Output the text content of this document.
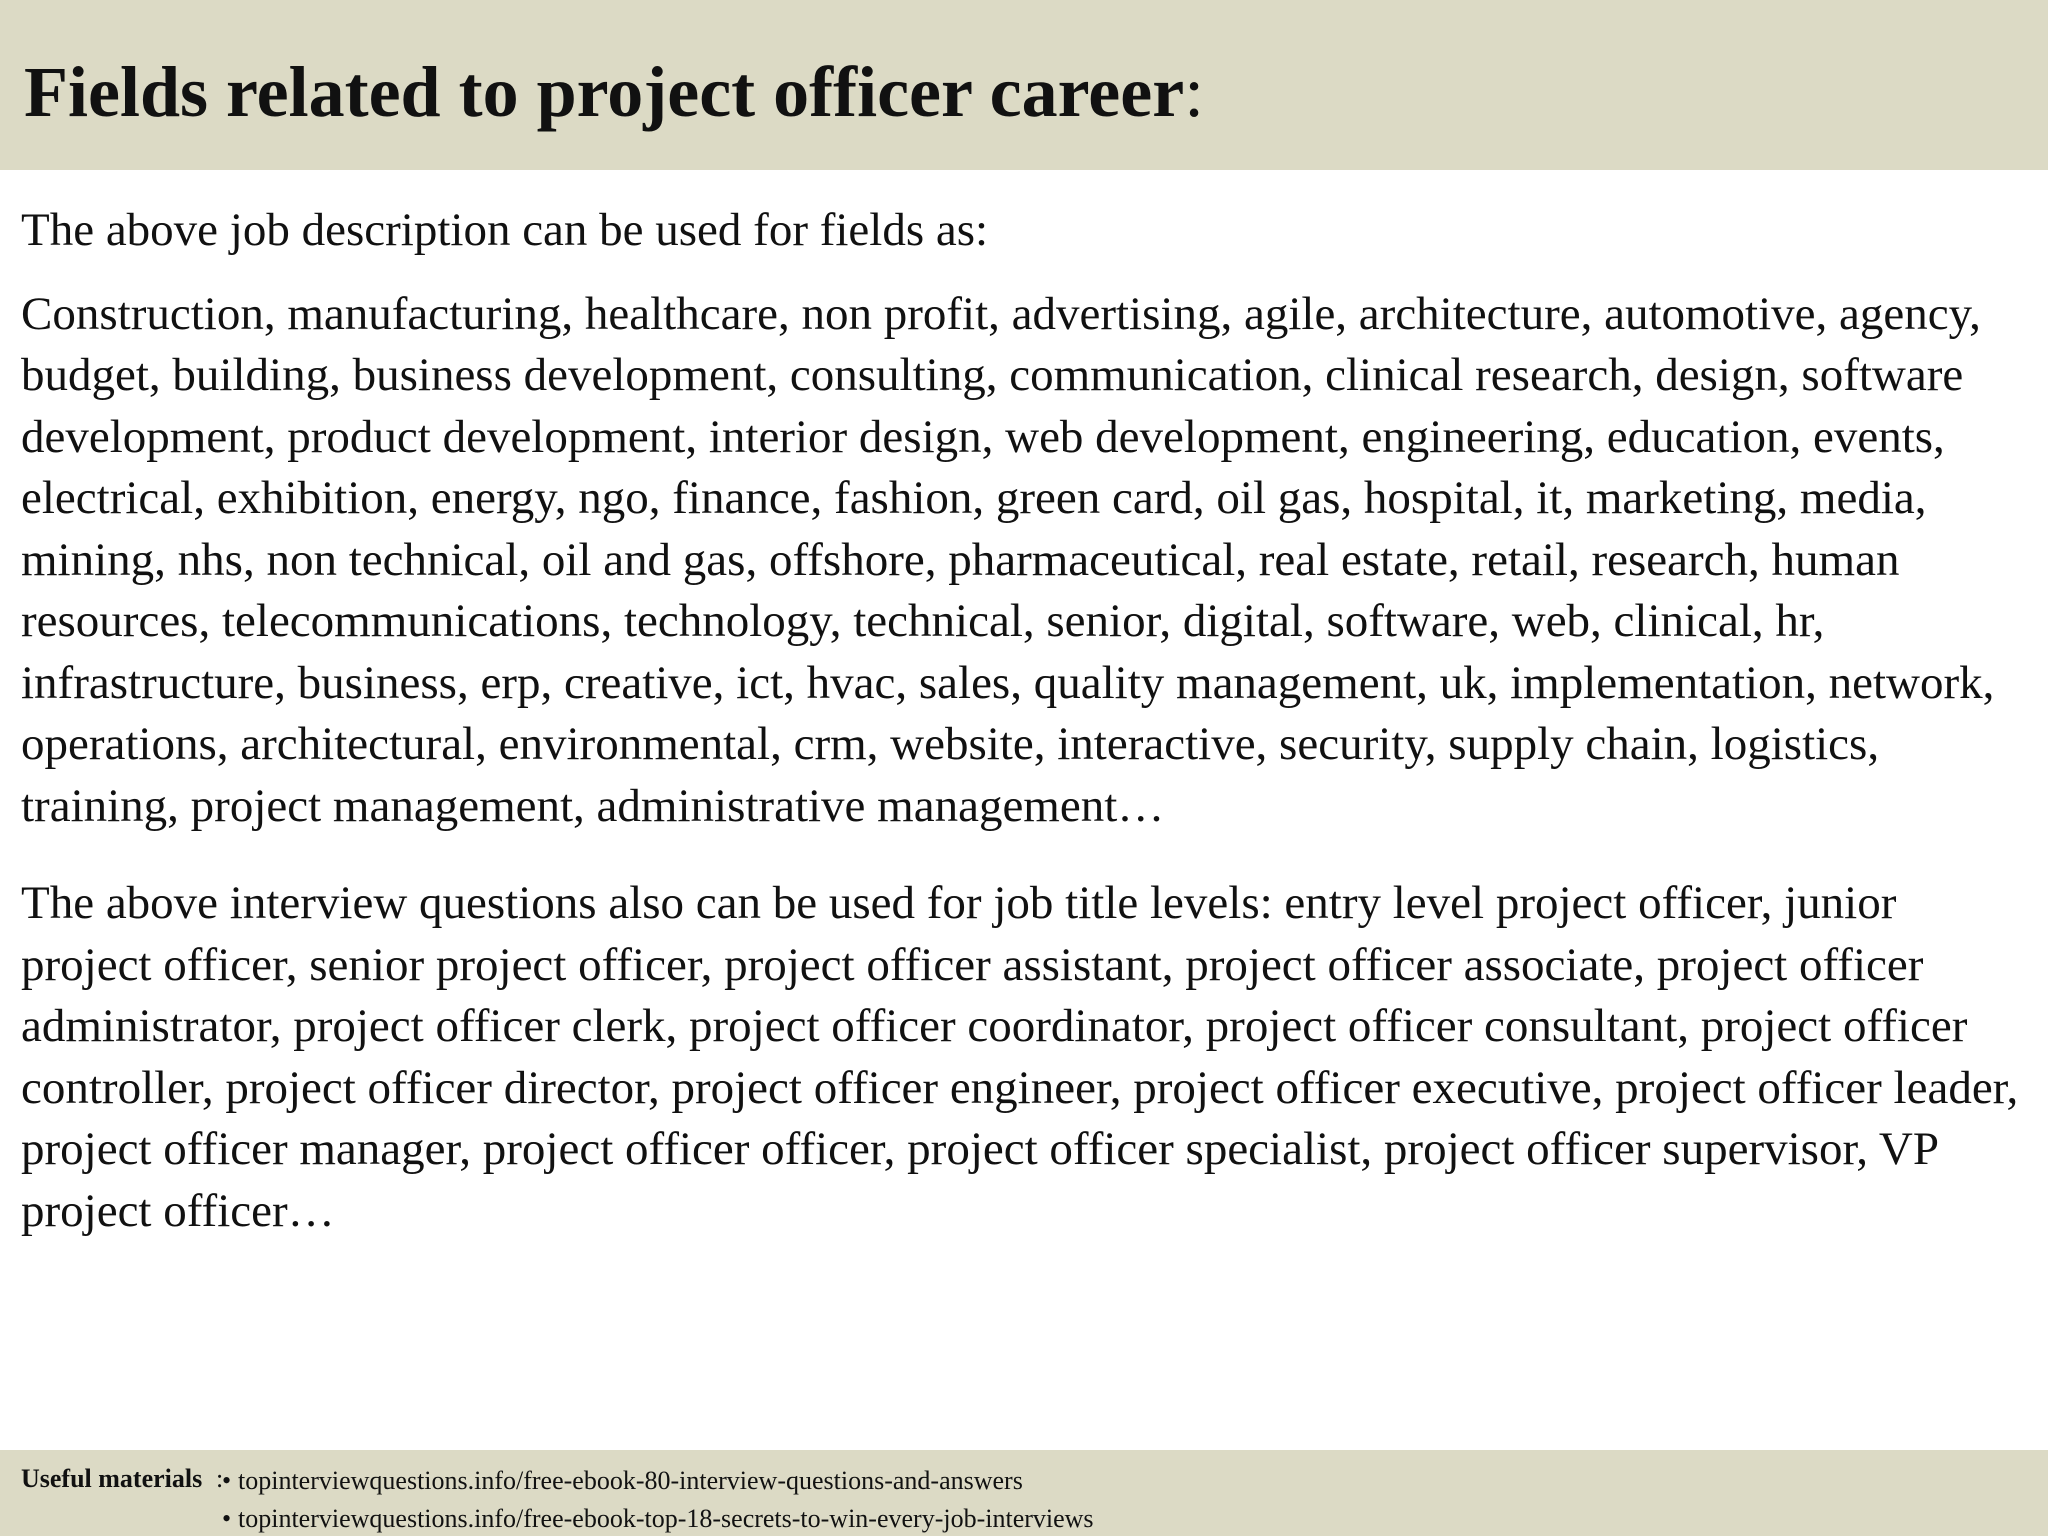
Fields related to project officer career:

The above job description can be used for fields as:

Construction, manufacturing, healthcare, non profit, advertising, agile, architecture, automotive, agency, budget, building, business development, consulting, communication, clinical research, design, software development, product development, interior design, web development, engineering, education, events, electrical, exhibition, energy, ngo, finance, fashion, green card, oil gas, hospital, it, marketing, media, mining, nhs, non technical, oil and gas, offshore, pharmaceutical, real estate, retail, research, human resources, telecommunications, technology, technical, senior, digital, software, web, clinical, hr, infrastructure, business, erp, creative, ict, hvac, sales, quality management, uk, implementation, network, operations, architectural, environmental, crm, website, interactive, security, supply chain, logistics, training, project management, administrative management…

The above interview questions also can be used for job title levels: entry level project officer, junior project officer, senior project officer, project officer assistant, project officer associate, project officer administrator, project officer clerk, project officer coordinator, project officer consultant, project officer controller, project officer director, project officer engineer, project officer executive, project officer leader, project officer manager, project officer officer, project officer specialist, project officer supervisor, VP project officer…

Useful materials :
• topinterviewquestions.info/free-ebook-80-interview-questions-and-answers
• topinterviewquestions.info/free-ebook-top-18-secrets-to-win-every-job-interviews
